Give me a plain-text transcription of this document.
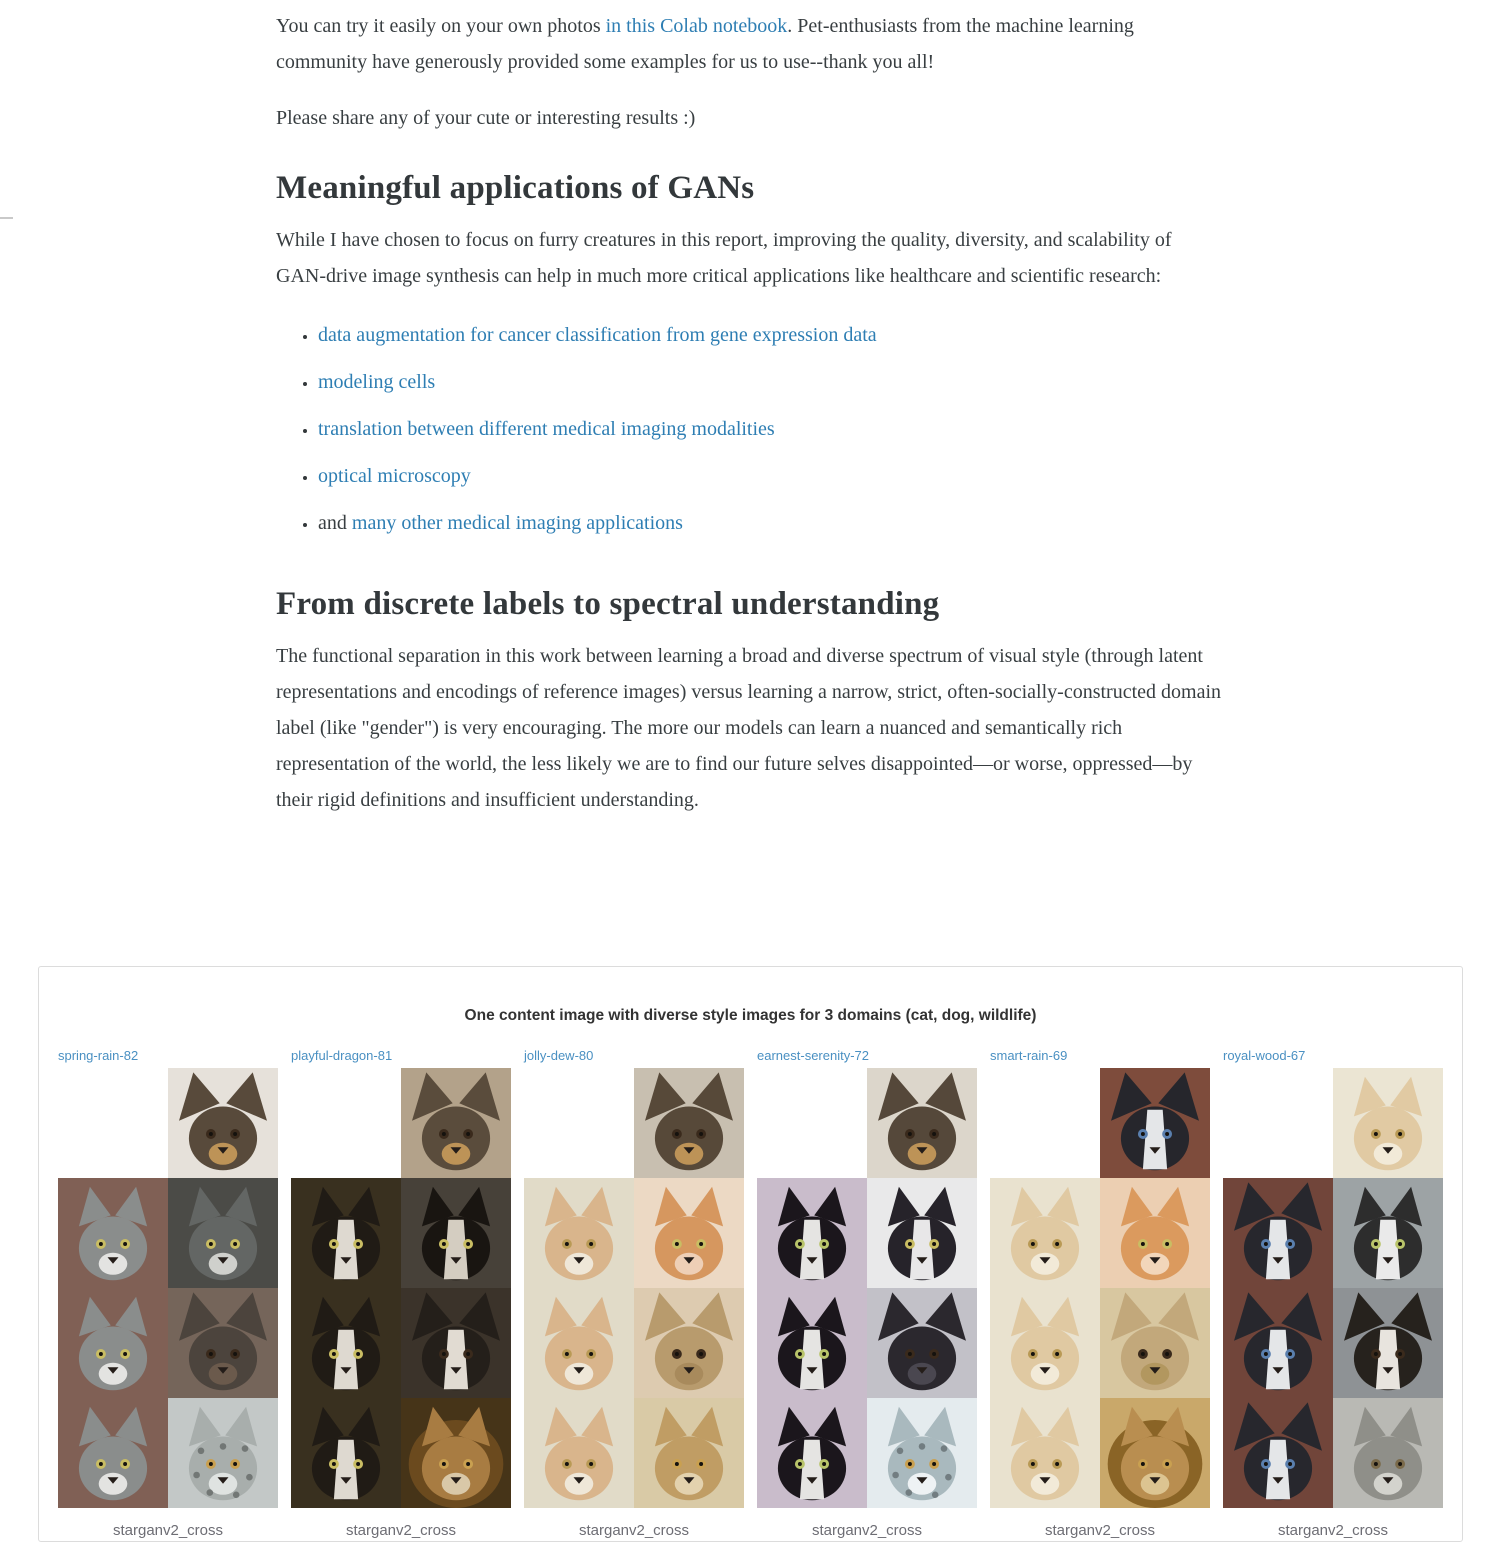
You can try it easily on your own photos in this Colab notebook. Pet-enthusiasts from the machine learning community have generously provided some examples for us to use--thank you all!

Please share any of your cute or interesting results :)

Meaningful applications of GANs

While I have chosen to focus on furry creatures in this report, improving the quality, diversity, and scalability of GAN-drive image synthesis can help in much more critical applications like healthcare and scientific research:

• data augmentation for cancer classification from gene expression data
• modeling cells
• translation between different medical imaging modalities
• optical microscopy
• and many other medical imaging applications
From discrete labels to spectral understanding

The functional separation in this work between learning a broad and diverse spectrum of visual style (through latent representations and encodings of reference images) versus learning a narrow, strict, often-socially-constructed domain label (like "gender") is very encouraging. The more our models can learn a nuanced and semantically rich representation of the world, the less likely we are to find our future selves disappointed—or worse, oppressed—by their rigid definitions and insufficient understanding.

One content image with diverse style images for 3 domains (cat, dog, wildlife)
spring-rain-82
starganv2_cross
playful-dragon-81
starganv2_cross
jolly-dew-80
starganv2_cross
earnest-serenity-72
starganv2_cross
smart-rain-69
starganv2_cross
royal-wood-67
starganv2_cross
